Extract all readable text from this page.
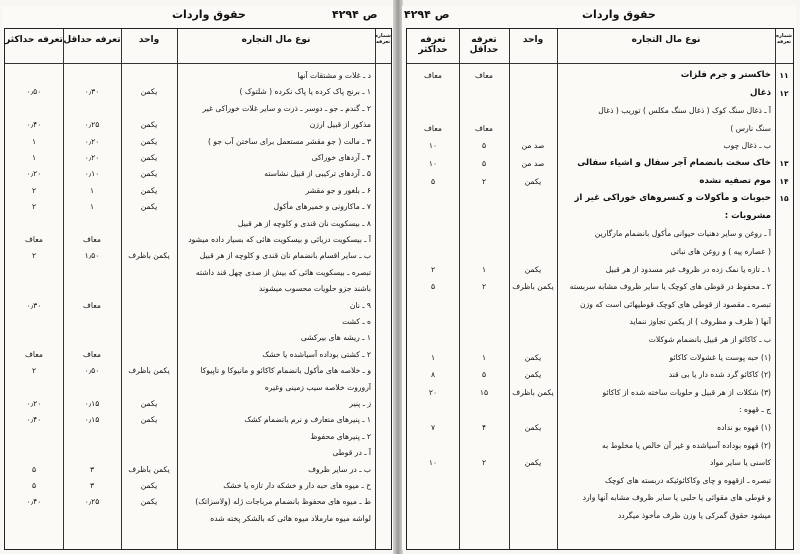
حقوق واردات	۴۲۹۴ ص
تعرفه حداکثر تعرفه حداقل	واحد	نوع مال التجاره	شماره تعرفه
د ـ غلات و مشتقات آنها
۰٫۵۰	۰٫۳۰	یکمن	۱ ـ برنج پاک کرده یا پاک نکرده ( شلتوک )
۲ ـ گندم ـ جو ـ دوسر ـ ذرت و سایر غلات خوراکی غیر
۰٫۴۰	۰٫۲۵	یکمن	مذکور از قبیل ارزن
۱	۰٫۲۰	یکمن	۳ ـ مالت ( جو مقشر مستعمل برای ساختن آب جو )
۱	۰٫۲۰	یکمن	۴ ـ آردهای خوراکی
۰٫۲۰	۰٫۱۰	یکمن	۵ ـ آردهای ترکیبی از قبیل نشاسته
۲	۱	یکمن	۶ ـ بلغور و جو مقشر
۲	۱	یکمن	۷ ـ ماکارونی و خمیرهای مأکول
۸ ـ بیسکویت نان قندی و کلوچه از هر قبیل
معاف	معاف	آ ـ بیسکویت دریائی و بیسکویت هائی که بسیار داده میشود
۲	۱٫۵۰	یکمن باظرف	ب ـ سایر اقسام بانضمام نان قندی و کلوچه از هر قبیل
تبصره ـ بیسکویت هائی که بیش از صدی چهل قند داشته
باشند جزو حلویات محسوب میشوند
۰٫۳۰	معاف	۹ ـ نان
ه ـ کشت
۱ ـ ریشه های بیرکشی
معاف	معاف	۲ ـ کشتی بوداده آسیاشده یا خشک
۲	۰٫۵۰	یکمن باظرف	و ـ خلاصه های مأکول بانضمام کاکائو و مانیوکا و تاپیوکا
آروروت خلاصه سیب زمینی وغیره
۰٫۲۰	۰٫۱۵	یکمن	ز ـ پنیر
۰٫۴۰	۰٫۱۵	یکمن	۱ ـ پنیرهای متعارف و نرم بانضمام کشک
۲ ـ پنیرهای محفوظ
آ ـ در قوطی
۵	۳	یکمن باظرف	ب ـ در سایر ظروف
۵	۳	یکمن	ح ـ میوه های حبه دار و خشکه دار تازه یا خشک
۰٫۴۰	۰٫۲۵	یکمن	ط ـ میوه های محفوظ بانضمام مرباجات ژله (ولاسزاتک)
لواشه میوه مارملاد میوه هائی که بالشکر پخته شده
ص ۴۲۹۴	حقوق واردات
تعرفه حداکثر
تعرفه حداقل
واحد	نوع مال التجاره	شماره تعرفه
معاف	معاف	خاکستر و جرم فلزات	۱۱
ذغال	۱۲
آ ـ ذغال سنگ کوک ( ذغال سنگ مکلس ) توریب ( ذغال
معاف	معاف	سنگ نارس )
۱۰	۵	صد من	ب ـ ذغال چوب
۱۰	۵	صد من	خاک سخت بانضمام آجر سفال و اشیاء سفالی	۱۳
۵	۲	یکمن	موم تصفیه نشده	۱۴
حبوبات و مأکولات و کنسروهای خوراکی غیر از	۱۵
مشروبات :
آ ـ روغن و سایر دهنیات حیوانی مأکول بانضمام مارگارین
( عصاره پیه ) و روغن های نباتی
۲	۱	یکمن	۱ ـ تازه یا نمک زده در ظروف غیر مسدود از هر قبیل
۵	۲	یکمن باظرف	۲ ـ محفوظ در قوطی های کوچک یا سایر ظروف مشابه سربسته
تبصره ـ مقصود از قوطی های کوچک قوطیهائی است که وزن
آنها ( ظرف و مظروف ) از یکمن تجاوز ننماید
ب ـ کاکائو از هر قبیل بانضمام شوکلات
۱	۱	یکمن	(۱) حبه پوست یا غشولات کاکائو
۸	۵	یکمن	(۲) کاکائو گرد شده دار یا بی قند
۲۰	۱۵	یکمن باظرف	(۳) شکلات از هر قبیل و حلویات ساخته شده از کاکائو
ج ـ قهوه :
۷	۴	یکمن	(۱) قهوه بو نداده
(۲) قهوه بوداده آسیاشده و غیر آن خالص یا مخلوط به
۱۰	۲	یکمن	کاسنی یا سایر مواد
تبصره ـ ازقهوه و چای وکاکائوئیکه دربسته های کوچک
و قوطی های مقوائی یا حلبی یا سایر ظروف مشابه آنها وارد
میشود حقوق گمرکی یا وزن ظرف مأخوذ میگردد
